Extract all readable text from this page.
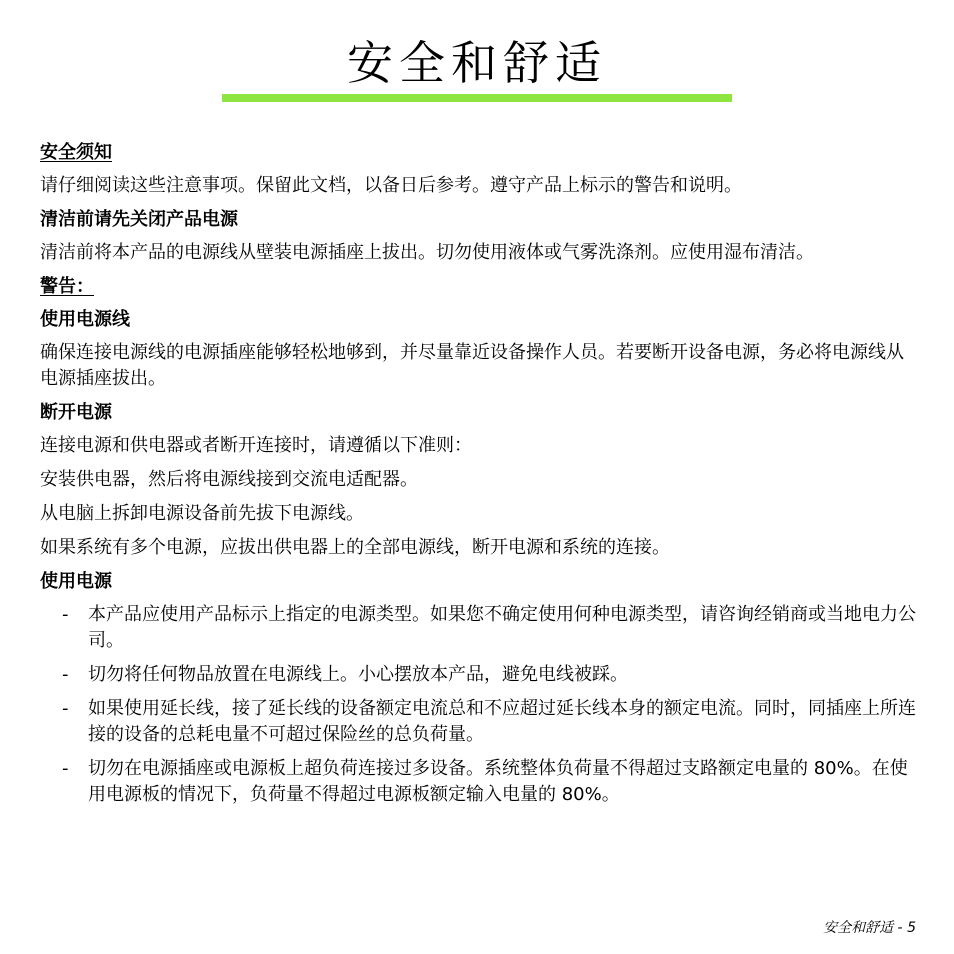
安全和舒适
安全须知
请仔细阅读这些注意事项。保留此文档，以备日后参考。遵守产品上标示的警告和说明。
清洁前请先关闭产品电源
清洁前将本产品的电源线从壁装电源插座上拔出。切勿使用液体或气雾洗涤剂。应使用湿布清洁。
警告：
使用电源线
确保连接电源线的电源插座能够轻松地够到，并尽量靠近设备操作人员。若要断开设备电源，务必将电源线从电源插座拔出。
断开电源
连接电源和供电器或者断开连接时，请遵循以下准则：
安装供电器，然后将电源线接到交流电适配器。
从电脑上拆卸电源设备前先拔下电源线。
如果系统有多个电源，应拔出供电器上的全部电源线，断开电源和系统的连接。
使用电源
- 本产品应使用产品标示上指定的电源类型。如果您不确定使用何种电源类型，请咨询经销商或当地电力公司。
- 切勿将任何物品放置在电源线上。小心摆放本产品，避免电线被踩。
- 如果使用延长线，接了延长线的设备额定电流总和不应超过延长线本身的额定电流。同时，同插座上所连接的设备的总耗电量不可超过保险丝的总负荷量。
- 切勿在电源插座或电源板上超负荷连接过多设备。系统整体负荷量不得超过支路额定电量的 80%。在使用电源板的情况下，负荷量不得超过电源板额定输入电量的 80%。
安全和舒适 - 5
